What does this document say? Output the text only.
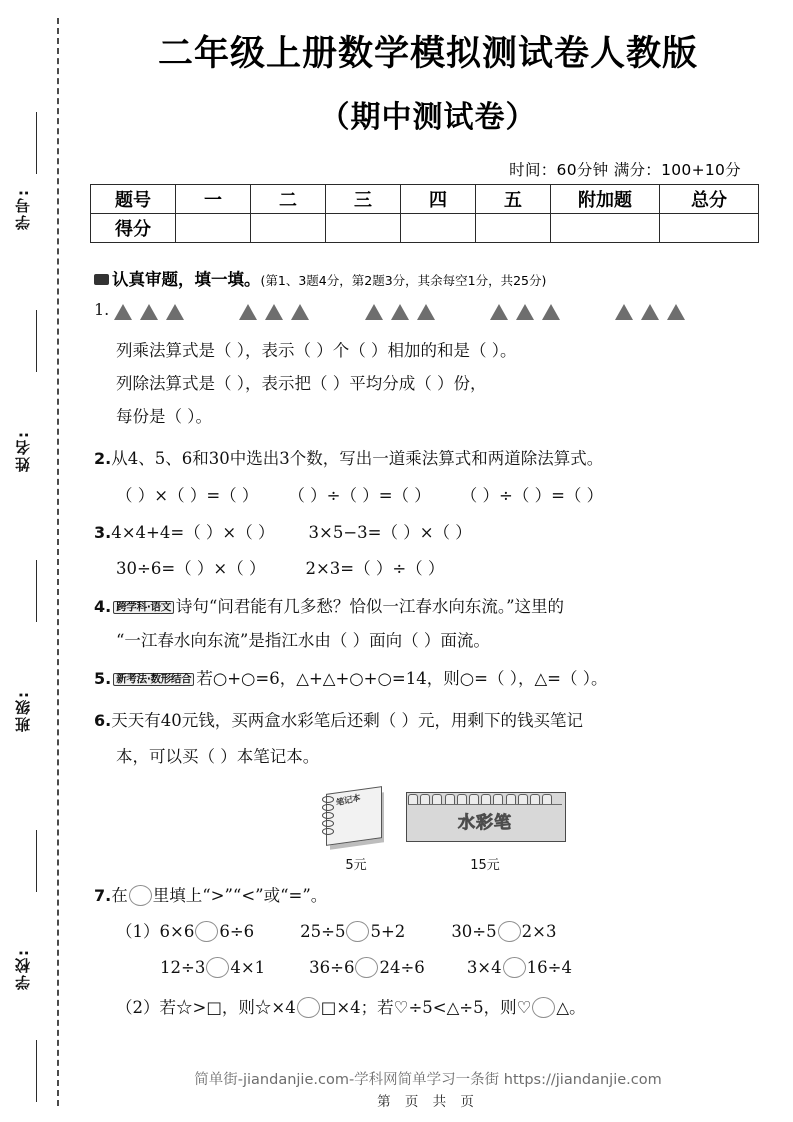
学号:
姓名:
班级:
学校:
二年级上册数学模拟测试卷人教版
（期中测试卷）
时间：60分钟 满分：100+10分
题号	一	二	三	四	五	附加题	总分
得分							
认真审题，填一填。(第1、3题4分，第2题3分，其余每空1分，共25分)
1.
列乘法算式是（ ），表示（ ）个（ ）相加的和是（ ）。
列除法算式是（ ），表示把（ ）平均分成（ ）份，
每份是（ ）。
2.从4、5、6和30中选出3个数，写出一道乘法算式和两道除法算式。
（ ）×（ ）=（ ） （ ）÷（ ）=（ ） （ ）÷（ ）=（ ）
3.4×4+4=（ ）×（ ） 3×5−3=（ ）×（ ）
30÷6=（ ）×（ ） 2×3=（ ）÷（ ）
4. 跨学科·语文 诗句“问君能有几多愁？恰似一江春水向东流。”这里的
“一江春水向东流”是指江水由（ ）面向（ ）面流。
5. 新考法·数形结合 若○+○=6，△+△+○+○=14，则○=（ ），△=（ ）。
6.天天有40元钱，买两盒水彩笔后还剩（ ）元，用剩下的钱买笔记
本，可以买（ ）本笔记本。
笔记本
5元
水彩笔
15元
7.在 里填上“>”“<”或“=”。
（1）6×6 6÷6	25÷5 5+2	30÷5 2×3
12÷3 4×1	36÷6 24÷6	3×4 16÷4
（2）若☆>□，则☆×4 □×4；若♡÷5<△÷5，则♡ △。
简单街-jiandanjie.com-学科网简单学习一条街 https://jiandanjie.com
第 页 共 页
